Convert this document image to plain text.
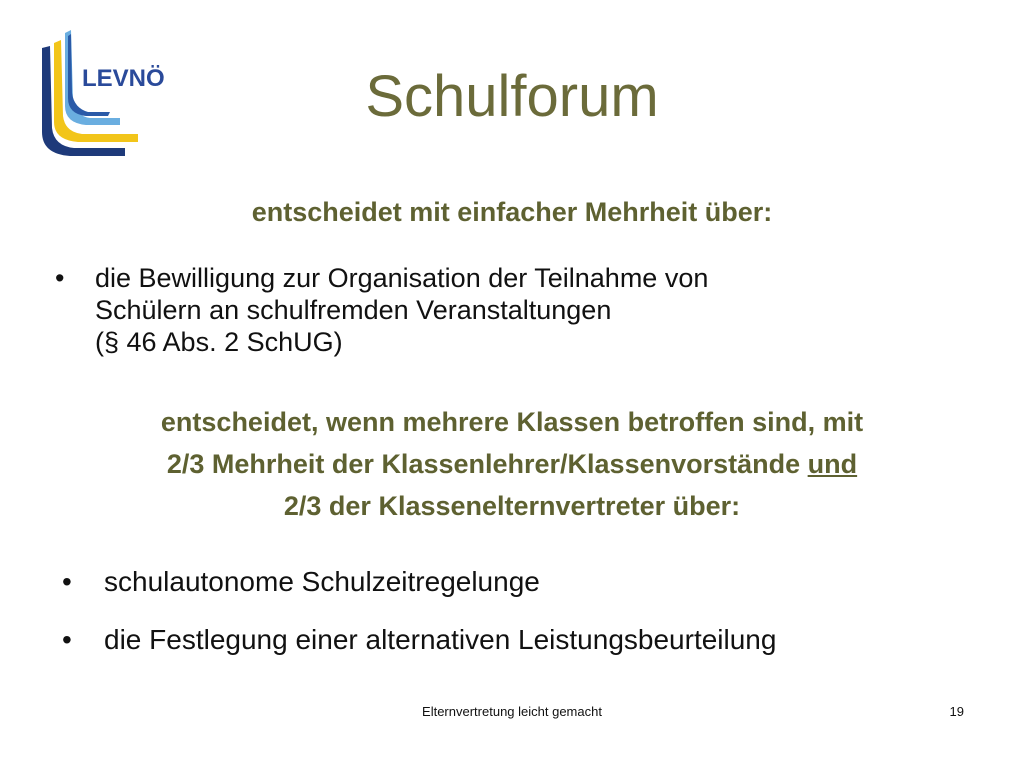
LEVNÖ	Schulforum
entscheidet mit einfacher Mehrheit über:
•	die Bewilligung zur Organisation der Teilnahme von
Schülern an schulfremden Veranstaltungen
(§ 46 Abs. 2 SchUG)
entscheidet, wenn mehrere Klassen betroffen sind, mit
2/3 Mehrheit der Klassenlehrer/Klassenvorstände und
2/3 der Klassenelternvertreter über:
• schulautonome Schulzeitregelunge
• die Festlegung einer alternativen Leistungsbeurteilung
Elternvertretung leicht gemacht	19
